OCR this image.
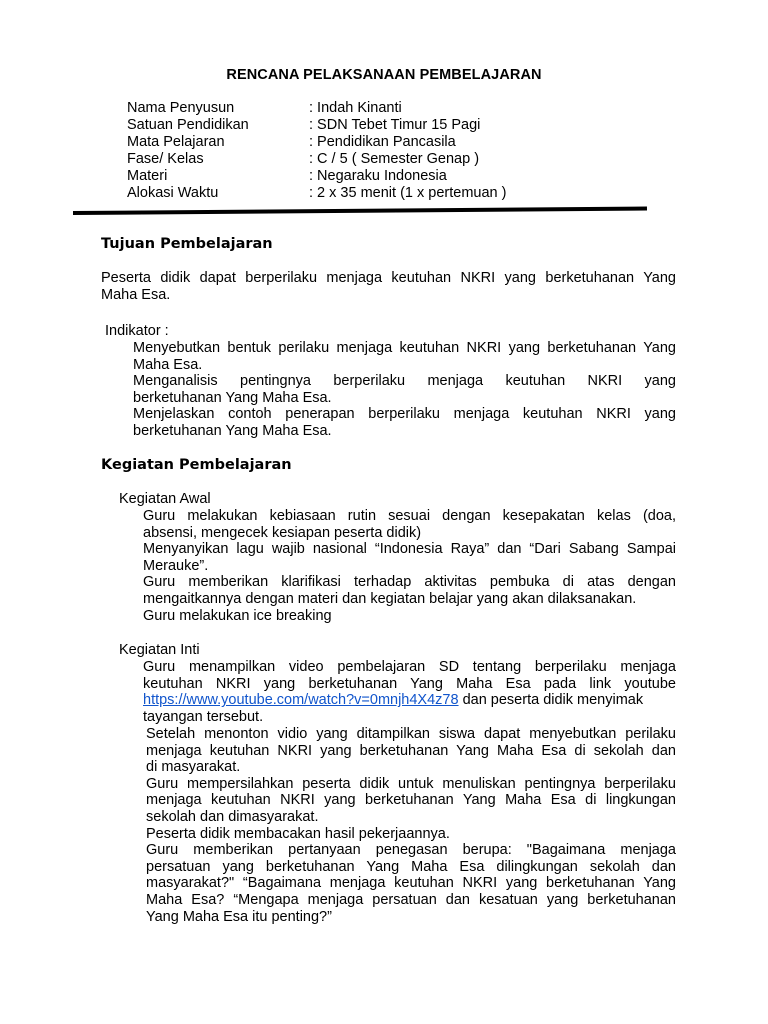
RENCANA PELAKSANAAN PEMBELAJARAN
Nama Penyusun	: Indah Kinanti
Satuan Pendidikan	: SDN Tebet Timur 15 Pagi
Mata Pelajaran	: Pendidikan Pancasila
Fase/ Kelas	: C / 5 ( Semester Genap )
Materi	: Negaraku Indonesia
Alokasi Waktu	: 2 x 35 menit (1 x pertemuan )
Tujuan Pembelajaran
Peserta didik dapat berperilaku menjaga keutuhan NKRI yang berketuhanan Yang
Maha Esa.
Indikator :
Menyebutkan bentuk perilaku menjaga keutuhan NKRI yang berketuhanan Yang
Maha Esa.
Menganalisis pentingnya berperilaku menjaga keutuhan NKRI yang
berketuhanan Yang Maha Esa.
Menjelaskan contoh penerapan berperilaku menjaga keutuhan NKRI yang
berketuhanan Yang Maha Esa.
Kegiatan Pembelajaran
Kegiatan Awal
Guru melakukan kebiasaan rutin sesuai dengan kesepakatan kelas (doa,
absensi, mengecek kesiapan peserta didik)
Menyanyikan lagu wajib nasional “Indonesia Raya” dan “Dari Sabang Sampai
Merauke”.
Guru memberikan klarifikasi terhadap aktivitas pembuka di atas dengan
mengaitkannya dengan materi dan kegiatan belajar yang akan dilaksanakan.
Guru melakukan ice breaking
Kegiatan Inti
Guru menampilkan video pembelajaran SD tentang berperilaku menjaga
keutuhan NKRI yang berketuhanan Yang Maha Esa pada link youtube
https://www.youtube.com/watch?v=0mnjh4X4z78 dan peserta didik menyimak
tayangan tersebut.
Setelah menonton vidio yang ditampilkan siswa dapat menyebutkan perilaku
menjaga keutuhan NKRI yang berketuhanan Yang Maha Esa di sekolah dan
di masyarakat.
Guru mempersilahkan peserta didik untuk menuliskan pentingnya berperilaku
menjaga keutuhan NKRI yang berketuhanan Yang Maha Esa di lingkungan
sekolah dan dimasyarakat.
Peserta didik membacakan hasil pekerjaannya.
Guru memberikan pertanyaan penegasan berupa: "Bagaimana menjaga
persatuan yang berketuhanan Yang Maha Esa dilingkungan sekolah dan
masyarakat?" “Bagaimana menjaga keutuhan NKRI yang berketuhanan Yang
Maha Esa? “Mengapa menjaga persatuan dan kesatuan yang berketuhanan
Yang Maha Esa itu penting?”
